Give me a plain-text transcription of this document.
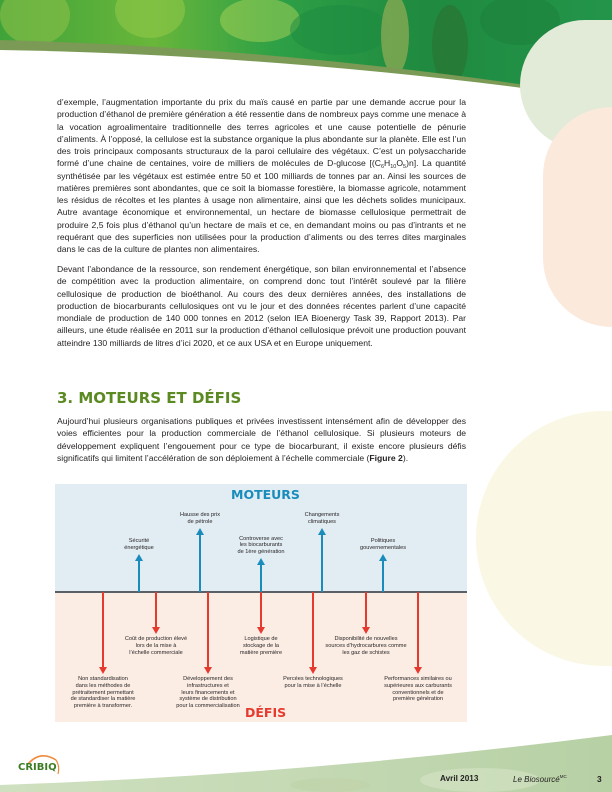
d’exemple, l’augmentation importante du prix du maïs causé en partie par une demande accrue pour la production d’éthanol de première génération a été ressentie dans de nombreux pays comme une menace à la vocation agroalimentaire traditionnelle des terres agricoles et une cause potentielle de pénurie d’aliments. À l’opposé, la cellulose est la substance organique la plus abondante sur la planète. Elle est l’un des trois principaux composants structuraux de la paroi cellulaire des végétaux. C’est un polysaccharide formé d’une chaine de centaines, voire de milliers de molécules de D-glucose $[(C_6H_{10}O_5)n]$. La quantité synthétisée par les végétaux est estimée entre 50 et 100 milliards de tonnes par an. Ainsi les sources de matières premières sont abondantes, que ce soit la biomasse forestière, la biomasse agricole, notamment les résidus de récoltes et les plantes à usage non alimentaire, ainsi que les déchets solides municipaux. Autre avantage économique et environnemental, un hectare de biomasse cellulosique permettrait de produire 2,5 fois plus d’éthanol qu’un hectare de maïs et ce, en demandant moins ou pas d’intrants et ne requérant que des superficies non utilisées pour la production d’aliments ou des terres dites marginales dans le cas de la culture de plantes non alimentaires.
Devant l’abondance de la ressource, son rendement énergétique, son bilan environnemental et l’absence de compétition avec la production alimentaire, on comprend donc tout l’intérêt soulevé par la filière cellulosique de production de bioéthanol. Au cours des deux dernières années, des installations de production de biocarburants cellulosiques ont vu le jour et des données récentes parlent d’une capacité mondiale de production de 140 000 tonnes en 2012 (selon IEA Bioenergy Task 39, Rapport 2013). Par ailleurs, une étude réalisée en 2011 sur la production d’éthanol cellulosique prévoit une production pouvant atteindre 130 milliards de litres d’ici 2020, et ce aux USA et en Europe uniquement.
3. MOTEURS ET DÉFIS
Aujourd’hui plusieurs organisations publiques et privées investissent intensément afin de développer des voies efficientes pour la production commerciale de l’éthanol cellulosique. Si plusieurs moteurs de développement expliquent l’engouement pour ce type de biocarburant, il existe encore plusieurs défis significatifs qui limitent l’accélération de son déploiement à l’échelle commerciale (Figure 2).
MOTEURS
DÉFIS
Sécurité
énergétique
Hausse des prix
de pétrole
Controverse avec
les biocarburants
de 1ère génération
Changements
climatiques
Politiques
gouvernementales
Non standardisation
dans les méthodes de
prétraitement permettant
de standardiser la matière
première à transformer.
Coût de production élevé
lors de la mise à
l’échelle commerciale
Développement des
infrastructures et
leurs financements et
système de distribution
pour la commercialisation
Logistique de
stockage de la
matière première
Percées technologiques
pour la mise à l’échelle
Disponibilité de nouvelles
sources d’hydrocarbures comme
les gaz de schistes
Performances similaires ou
supérieures aux carburants
conventionnels et de
première génération
CRIBIQ
Avril 2013	Le Biosourcé$^{MC}$	3
